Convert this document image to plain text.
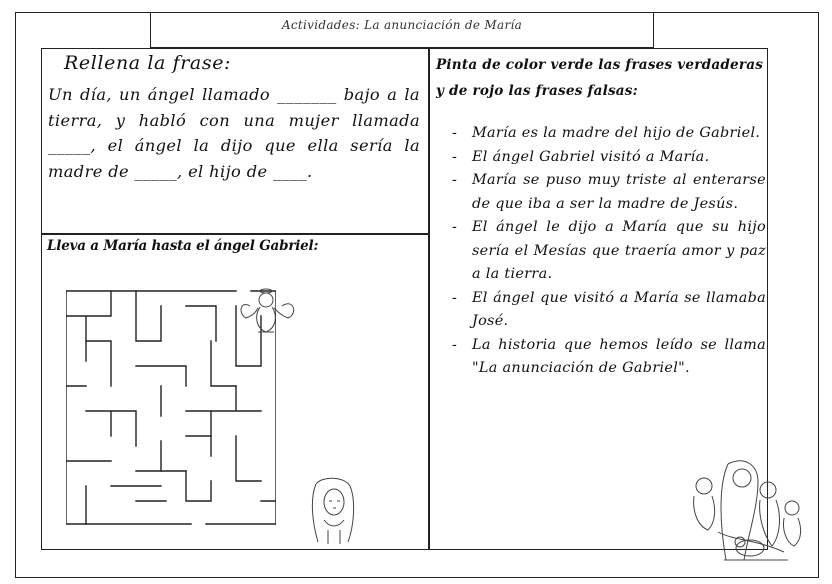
Actividades: La anunciación de María
Rellena la frase:
Un día, un ángel llamado _______ bajo a la tierra, y habló con una mujer llamada _____, el ángel la dijo que ella sería la madre de _____, el hijo de ____.
Lleva a María hasta el ángel Gabriel:
Pinta de color verde las frases verdaderas y de rojo las frases falsas:
- María es la madre del hijo de Gabriel.
- El ángel Gabriel visitó a María.
- María se puso muy triste al enterarse de que iba a ser la madre de Jesús.
- El ángel le dijo a María que su hijo sería el Mesías que traería amor y paz a la tierra.
- El ángel que visitó a María se llamaba José.
- La historia que hemos leído se llama "La anunciación de Gabriel".
